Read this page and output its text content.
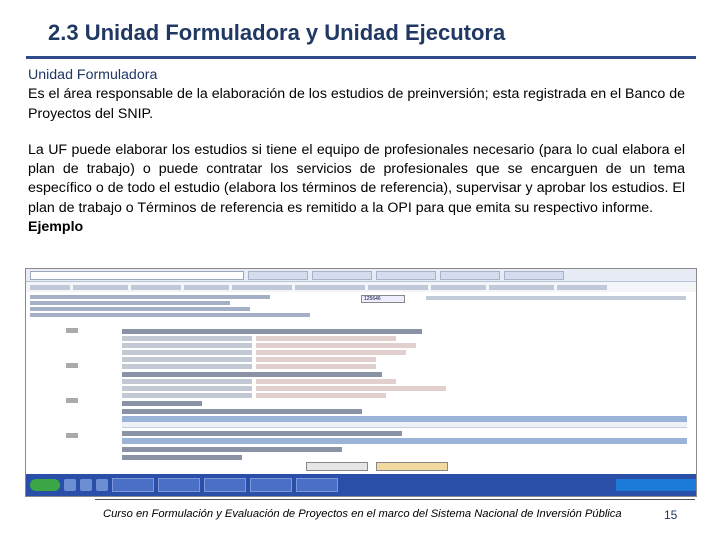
2.3 Unidad Formuladora y Unidad Ejecutora

Unidad Formuladora

Es el área responsable de la elaboración de los estudios de preinversión; esta registrada en el Banco de Proyectos del SNIP.

La UF puede elaborar los estudios si tiene el equipo de profesionales necesario (para lo cual elabora el plan de trabajo) o puede contratar los servicios de profesionales que se encarguen de un tema específico o de todo el estudio (elabora los términos de referencia), supervisar y aprobar los estudios. El plan de trabajo o Términos de referencia es remitido a la OPI para que emita su respectivo informe.

Ejemplo

125646
Curso en Formulación y Evaluación de Proyectos en el marco del Sistema Nacional de Inversión Pública	15
